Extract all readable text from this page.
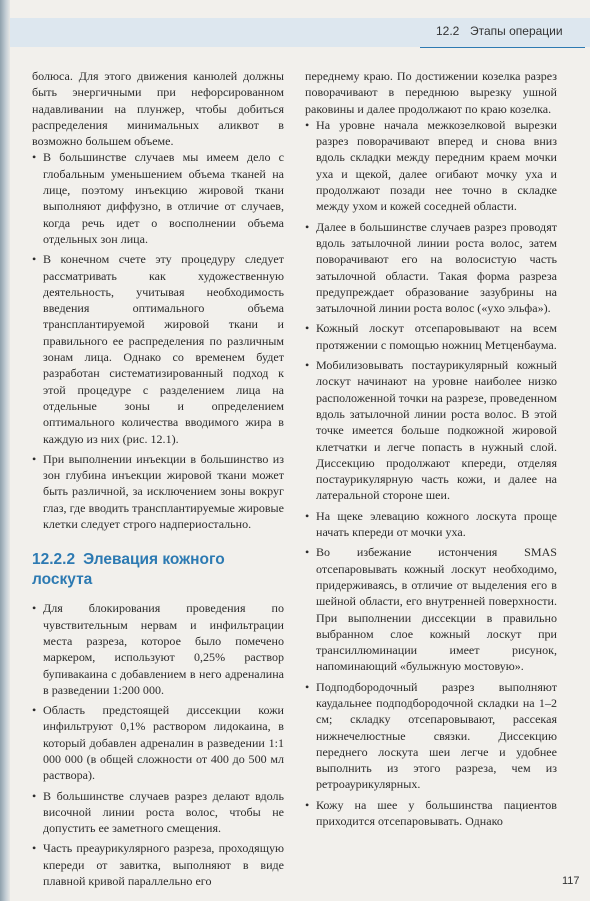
12.2 Этапы операции

болюса. Для этого движения канюлей должны быть энергичными при нефорсированном надавливании на плунжер, чтобы добиться распределения минимальных аликвот в возможно большем объеме.

• В большинстве случаев мы имеем дело с глобальным уменьшением объема тканей на лице, поэтому инъекцию жировой ткани выполняют диффузно, в отличие от случаев, когда речь идет о восполнении объема отдельных зон лица.

• В конечном счете эту процедуру следует рассматривать как художественную деятельность, учитывая необходимость введения оптимального объема трансплантируемой жировой ткани и правильного ее распределения по различным зонам лица. Однако со временем будет разработан систематизированный подход к этой процедуре с разделением лица на отдельные зоны и определением оптимального количества вводимого жира в каждую из них (рис. 12.1).

• При выполнении инъекции в большинство из зон глубина инъекции жировой ткани может быть различной, за исключением зоны вокруг глаз, где вводить трансплантируемые жировые клетки следует строго надпериостально.

12.2.2 Элевация кожного лоскута

• Для блокирования проведения по чувствительным нервам и инфильтрации места разреза, которое было помечено маркером, используют 0,25% раствор бупивакаина с добавлением в него адреналина в разведении 1:200 000.

• Область предстоящей диссекции кожи инфильтруют 0,1% раствором лидокаина, в который добавлен адреналин в разведении 1:1 000 000 (в общей сложности от 400 до 500 мл раствора).

• В большинстве случаев разрез делают вдоль височной линии роста волос, чтобы не допустить ее заметного смещения.

• Часть преаурикулярного разреза, проходящую кпереди от завитка, выполняют в виде плавной кривой параллельно его

переднему краю. По достижении козелка разрез поворачивают в переднюю вырезку ушной раковины и далее продолжают по краю козелка.

• На уровне начала межкозелковой вырезки разрез поворачивают вперед и снова вниз вдоль складки между передним краем мочки уха и щекой, далее огибают мочку уха и продолжают позади нее точно в складке между ухом и кожей соседней области.

• Далее в большинстве случаев разрез проводят вдоль затылочной линии роста волос, затем поворачивают его на волосистую часть затылочной области. Такая форма разреза предупреждает образование зазубрины на затылочной линии роста волос («ухо эльфа»).

• Кожный лоскут отсепаровывают на всем протяжении с помощью ножниц Метценбаума.

• Мобилизовывать постаурикулярный кожный лоскут начинают на уровне наиболее низко расположенной точки на разрезе, проведенном вдоль затылочной линии роста волос. В этой точке имеется больше подкожной жировой клетчатки и легче попасть в нужный слой. Диссекцию продолжают кпереди, отделяя постаурикулярную часть кожи, и далее на латеральной стороне шеи.

• На щеке элевацию кожного лоскута проще начать кпереди от мочки уха.

• Во избежание истончения SMAS отсепаровывать кожный лоскут необходимо, придерживаясь, в отличие от выделения его в шейной области, его внутренней поверхности. При выполнении диссекции в правильно выбранном слое кожный лоскут при трансиллюминации имеет рисунок, напоминающий «булыжную мостовую».

• Подподбородочный разрез выполняют каудальнее подподбородочной складки на 1–2 см; складку отсепаровывают, рассекая нижнечелюстные связки. Диссекцию переднего лоскута шеи легче и удобнее выполнить из этого разреза, чем из ретроаурикулярных.

• Кожу на шее у большинства пациентов приходится отсепаровывать. Однако

117
